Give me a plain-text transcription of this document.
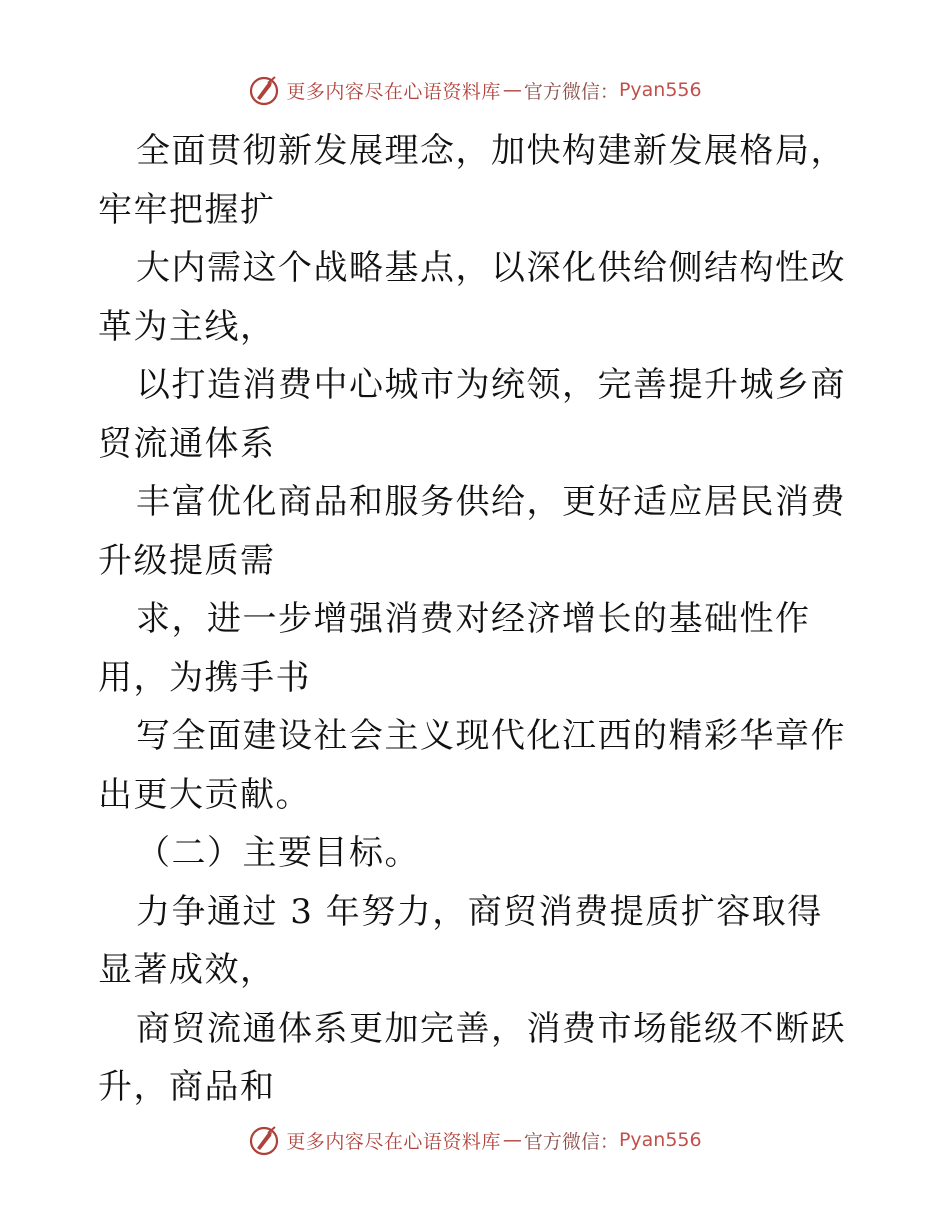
更多内容尽在心语资料库 — 官方微信： Pyan556

全面贯彻新发展理念，加快构建新发展格局，牢牢把握扩

大内需这个战略基点，以深化供给侧结构性改革为主线，

以打造消费中心城市为统领，完善提升城乡商贸流通体系

丰富优化商品和服务供给，更好适应居民消费升级提质需

求，进一步增强消费对经济增长的基础性作用，为携手书

写全面建设社会主义现代化江西的精彩华章作出更大贡献。

（二）主要目标。

力争通过 3 年努力，商贸消费提质扩容取得显著成效，

商贸流通体系更加完善，消费市场能级不断跃升，商品和

更多内容尽在心语资料库 — 官方微信： Pyan556
